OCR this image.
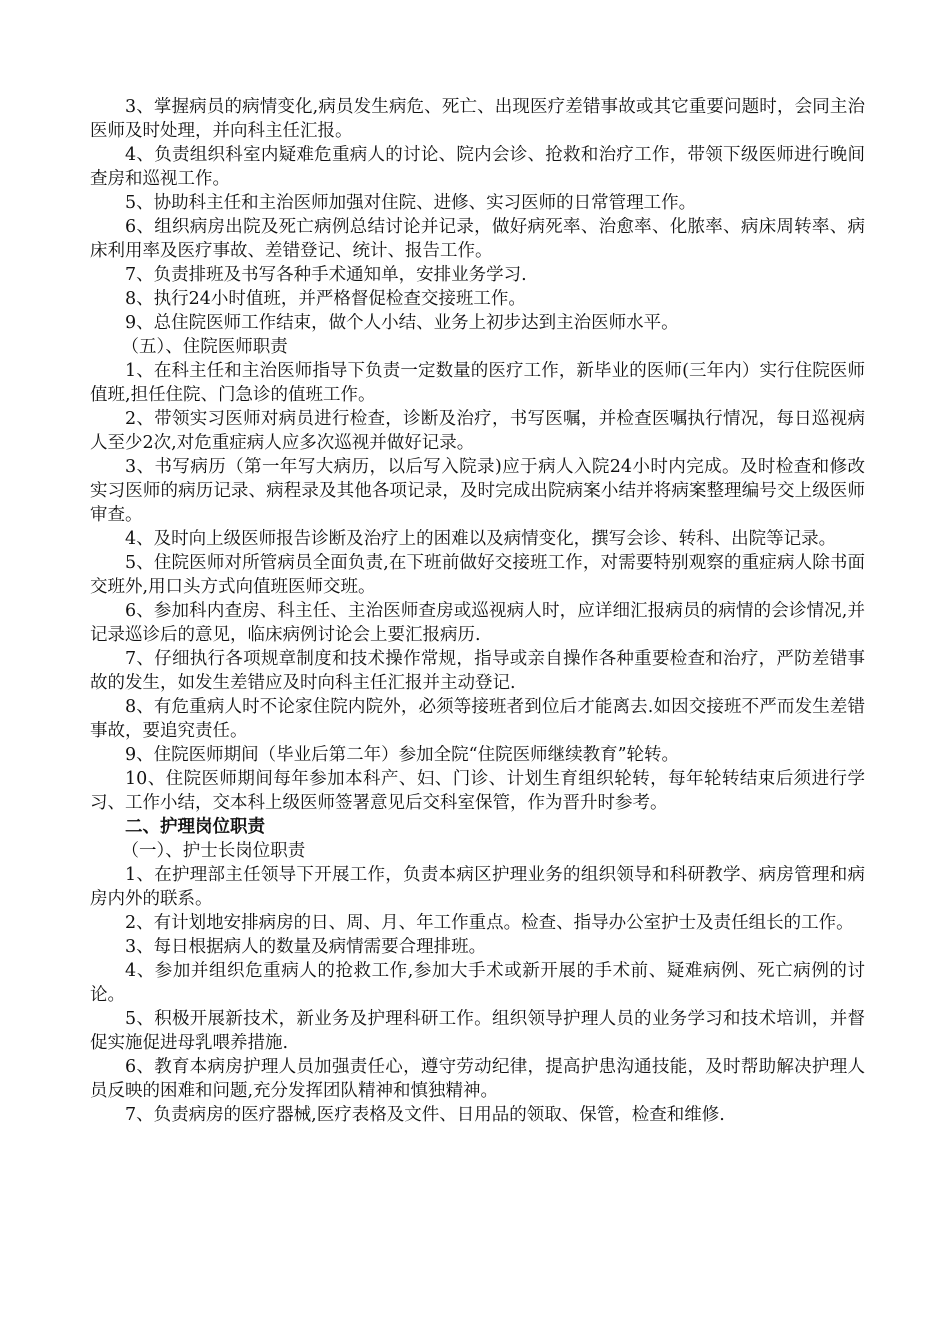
3、掌握病员的病情变化,病员发生病危、死亡、出现医疗差错事故或其它重要问题时，会同主治医师及时处理，并向科主任汇报。

4、负责组织科室内疑难危重病人的讨论、院内会诊、抢救和治疗工作，带领下级医师进行晚间查房和巡视工作。

5、协助科主任和主治医师加强对住院、进修、实习医师的日常管理工作。

6、组织病房出院及死亡病例总结讨论并记录，做好病死率、治愈率、化脓率、病床周转率、病床利用率及医疗事故、差错登记、统计、报告工作。

7、负责排班及书写各种手术通知单，安排业务学习.

8、执行24小时值班，并严格督促检查交接班工作。

9、总住院医师工作结束，做个人小结、业务上初步达到主治医师水平。

（五）、住院医师职责

1、在科主任和主治医师指导下负责一定数量的医疗工作，新毕业的医师(三年内）实行住院医师值班,担任住院、门急诊的值班工作。

2、带领实习医师对病员进行检查，诊断及治疗，书写医嘱，并检查医嘱执行情况，每日巡视病人至少2次,对危重症病人应多次巡视并做好记录。

3、书写病历（第一年写大病历，以后写入院录)应于病人入院24小时内完成。及时检查和修改实习医师的病历记录、病程录及其他各项记录，及时完成出院病案小结并将病案整理编号交上级医师审查。

4、及时向上级医师报告诊断及治疗上的困难以及病情变化，撰写会诊、转科、出院等记录。

5、住院医师对所管病员全面负责,在下班前做好交接班工作，对需要特别观察的重症病人除书面交班外,用口头方式向值班医师交班。

6、参加科内查房、科主任、主治医师查房或巡视病人时，应详细汇报病员的病情的会诊情况,并记录巡诊后的意见，临床病例讨论会上要汇报病历.

7、仔细执行各项规章制度和技术操作常规，指导或亲自操作各种重要检查和治疗，严防差错事故的发生，如发生差错应及时向科主任汇报并主动登记.

8、有危重病人时不论家住院内院外，必须等接班者到位后才能离去.如因交接班不严而发生差错事故，要追究责任。

9、住院医师期间（毕业后第二年）参加全院“住院医师继续教育”轮转。

10、住院医师期间每年参加本科产、妇、门诊、计划生育组织轮转，每年轮转结束后须进行学习、工作小结，交本科上级医师签署意见后交科室保管，作为晋升时参考。

二、护理岗位职责

（一）、护士长岗位职责

1、在护理部主任领导下开展工作，负责本病区护理业务的组织领导和科研教学、病房管理和病房内外的联系。

2、有计划地安排病房的日、周、月、年工作重点。检查、指导办公室护士及责任组长的工作。

3、每日根据病人的数量及病情需要合理排班。

4、参加并组织危重病人的抢救工作,参加大手术或新开展的手术前、疑难病例、死亡病例的讨论。

5、积极开展新技术，新业务及护理科研工作。组织领导护理人员的业务学习和技术培训，并督促实施促进母乳喂养措施.

6、教育本病房护理人员加强责任心，遵守劳动纪律，提高护患沟通技能，及时帮助解决护理人员反映的困难和问题,充分发挥团队精神和慎独精神。

7、负责病房的医疗器械,医疗表格及文件、日用品的领取、保管，检查和维修.
